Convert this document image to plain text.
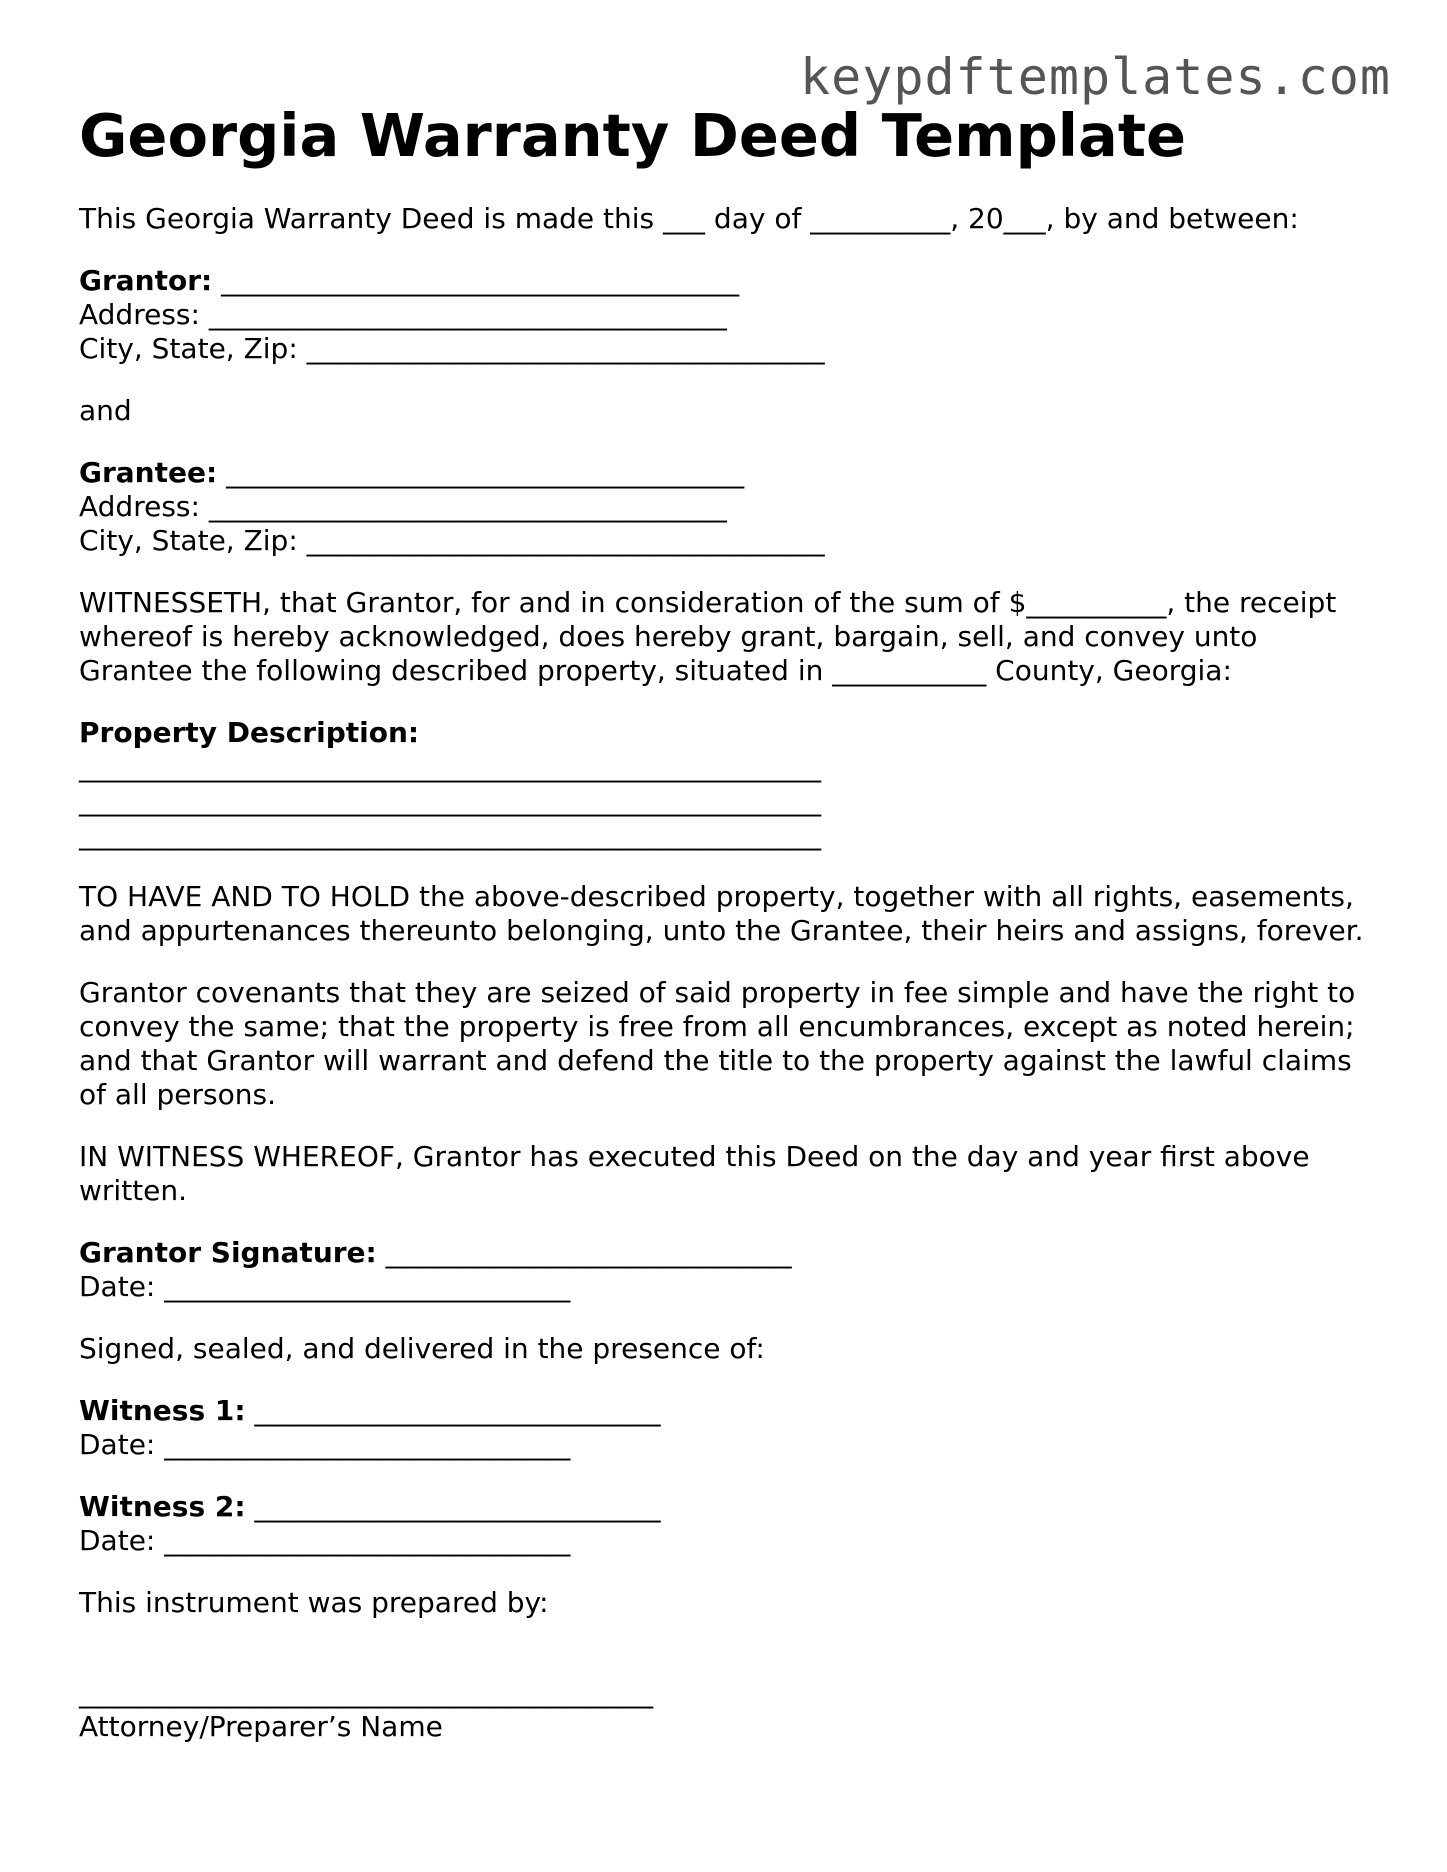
keypdftemplates.com
Georgia Warranty Deed Template
This Georgia Warranty Deed is made this ___ day of __________, 20___, by and between:
Grantor: _____________________________________
Address: _____________________________________
City, State, Zip: _____________________________________
and
Grantee: _____________________________________
Address: _____________________________________
City, State, Zip: _____________________________________
WITNESSETH, that Grantor, for and in consideration of the sum of $__________, the receipt whereof is hereby acknowledged, does hereby grant, bargain, sell, and convey unto Grantee the following described property, situated in ___________ County, Georgia:
Property Description:
_____________________________________________________
_____________________________________________________
_____________________________________________________
TO HAVE AND TO HOLD the above-described property, together with all rights, easements, and appurtenances thereunto belonging, unto the Grantee, their heirs and assigns, forever.
Grantor covenants that they are seized of said property in fee simple and have the right to convey the same; that the property is free from all encumbrances, except as noted herein; and that Grantor will warrant and defend the title to the property against the lawful claims of all persons.
IN WITNESS WHEREOF, Grantor has executed this Deed on the day and year first above written.
Grantor Signature: _____________________________
Date: _____________________________
Signed, sealed, and delivered in the presence of:
Witness 1: _____________________________
Date: _____________________________
Witness 2: _____________________________
Date: _____________________________
This instrument was prepared by:
_________________________________________
Attorney/Preparer’s Name
